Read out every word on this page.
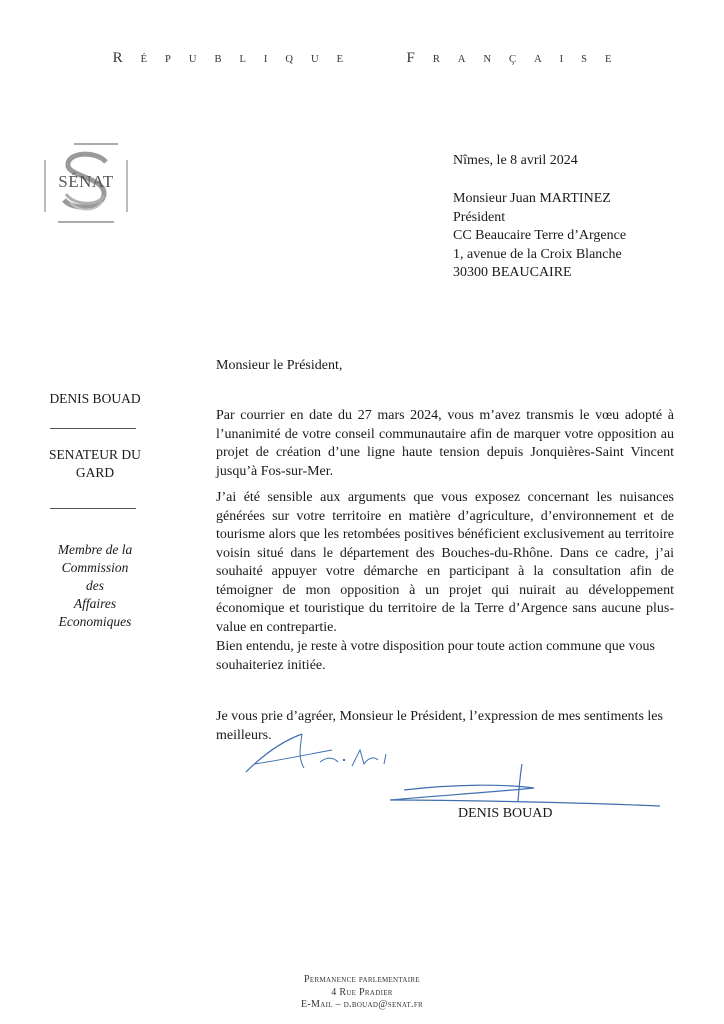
R É P U B L I Q U E	F R A N Ç A I S E
SÉNAT
DENIS BOUAD
SENATEUR DU
GARD
Membre de la
Commission
des
Affaires
Economiques
Nîmes, le 8 avril 2024
Monsieur Juan MARTINEZ
Président
CC Beaucaire Terre d’Argence
1, avenue de la Croix Blanche
30300 BEAUCAIRE
Monsieur le Président,

Par courrier en date du 27 mars 2024, vous m’avez transmis le vœu adopté à l’unanimité de votre conseil communautaire afin de marquer votre opposition au projet de création d’une ligne haute tension depuis Jonquières-Saint Vincent jusqu’à Fos-sur-Mer.

J’ai été sensible aux arguments que vous exposez concernant les nuisances générées sur votre territoire en matière d’agriculture, d’environnement et de tourisme alors que les retombées positives bénéficient exclusivement au territoire voisin situé dans le département des Bouches-du-Rhône. Dans ce cadre, j’ai souhaité appuyer votre démarche en participant à la consultation afin de témoigner de mon opposition à un projet qui nuirait au développement économique et touristique du territoire de la Terre d’Argence sans aucune plus-value en contrepartie.

Bien entendu, je reste à votre disposition pour toute action commune que vous souhaiteriez initiée.

Je vous prie d’agréer, Monsieur le Président, l’expression de mes sentiments les meilleurs.

DENIS BOUAD
Permanence parlementaire
4 Rue Pradier
E-Mail – d.bouad@senat.fr
